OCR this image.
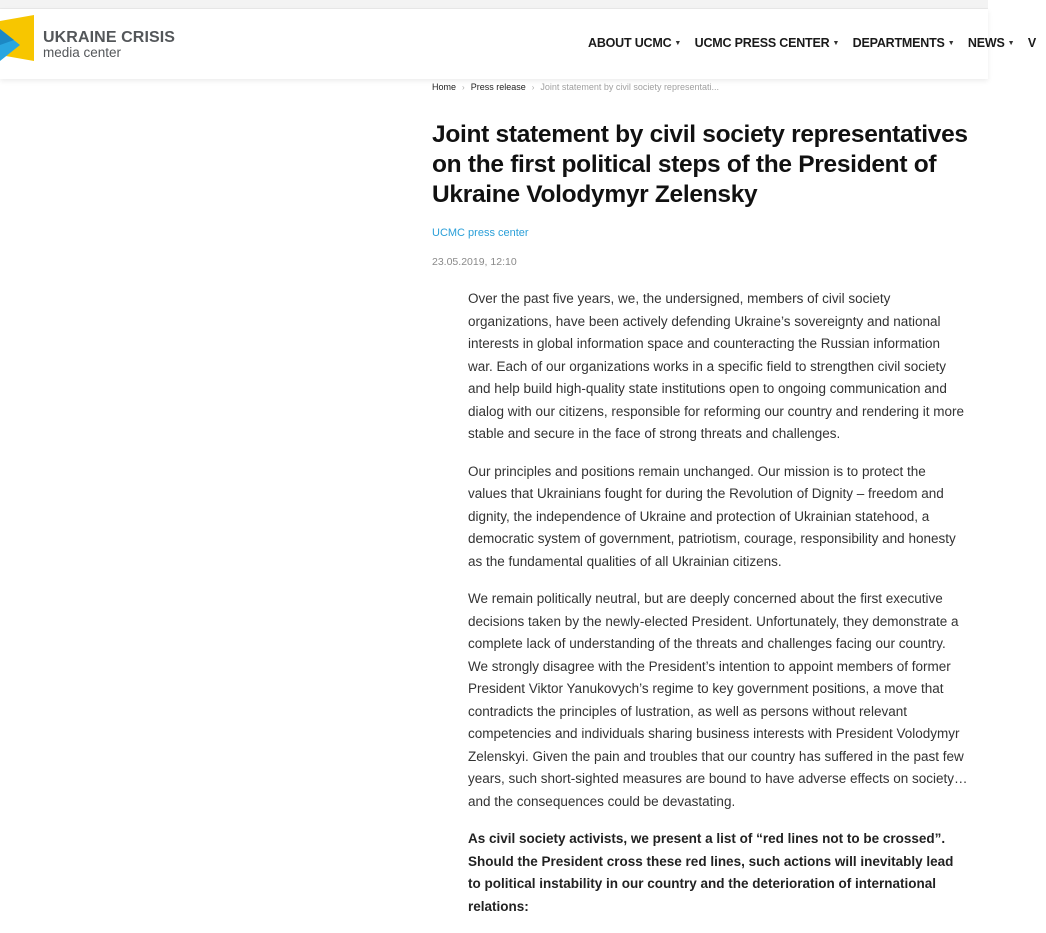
UKRAINE CRISIS
media center
ABOUT UCMC ▼ UCMC PRESS CENTER ▼ DEPARTMENTS ▼ NEWS ▼ V
Home › Press release › Joint statement by civil society representati...
Joint statement by civil society representatives on the first political steps of the President of Ukraine Volodymyr Zelensky
UCMC press center
23.05.2019, 12:10

Over the past five years, we, the undersigned, members of civil society organizations, have been actively defending Ukraine’s sovereignty and national interests in global information space and counteracting the Russian information war. Each of our organizations works in a specific field to strengthen civil society and help build high-quality state institutions open to ongoing communication and dialog with our citizens, responsible for reforming our country and rendering it more stable and secure in the face of strong threats and challenges.

Our principles and positions remain unchanged. Our mission is to protect the values that Ukrainians fought for during the Revolution of Dignity – freedom and dignity, the independence of Ukraine and protection of Ukrainian statehood, a democratic system of government, patriotism, courage, responsibility and honesty as the fundamental qualities of all Ukrainian citizens.

We remain politically neutral, but are deeply concerned about the first executive decisions taken by the newly-elected President. Unfortunately, they demonstrate a complete lack of understanding of the threats and challenges facing our country. We strongly disagree with the President’s intention to appoint members of former President Viktor Yanukovych’s regime to key government positions, a move that contradicts the principles of lustration, as well as persons without relevant competencies and individuals sharing business interests with President Volodymyr Zelenskyi. Given the pain and troubles that our country has suffered in the past few years, such short-sighted measures are bound to have adverse effects on society… and the consequences could be devastating.

As civil society activists, we present a list of “red lines not to be crossed”. Should the President cross these red lines, such actions will inevitably lead to political instability in our country and the deterioration of international relations:
